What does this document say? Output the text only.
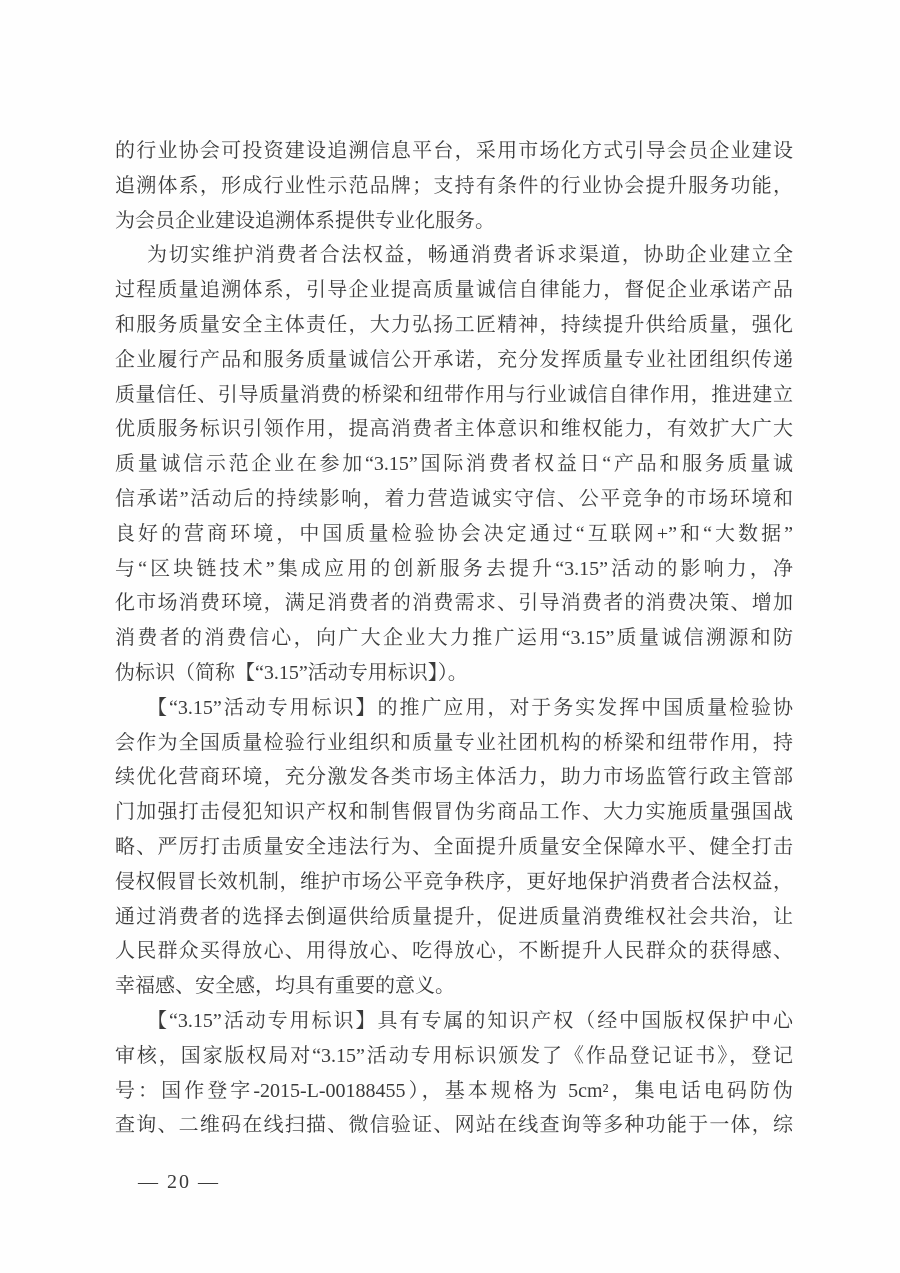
的行业协会可投资建设追溯信息平台，采用市场化方式引导会员企业建设
追溯体系，形成行业性示范品牌；支持有条件的行业协会提升服务功能，
为会员企业建设追溯体系提供专业化服务。
为切实维护消费者合法权益，畅通消费者诉求渠道，协助企业建立全
过程质量追溯体系，引导企业提高质量诚信自律能力，督促企业承诺产品
和服务质量安全主体责任，大力弘扬工匠精神，持续提升供给质量，强化
企业履行产品和服务质量诚信公开承诺，充分发挥质量专业社团组织传递
质量信任、引导质量消费的桥梁和纽带作用与行业诚信自律作用，推进建立
优质服务标识引领作用，提高消费者主体意识和维权能力，有效扩大广大
质量诚信示范企业在参加“3.15”国际消费者权益日“产品和服务质量诚
信承诺”活动后的持续影响，着力营造诚实守信、公平竞争的市场环境和
良好的营商环境，中国质量检验协会决定通过“互联网+”和“大数据”
与“区块链技术”集成应用的创新服务去提升“3.15”活动的影响力，净
化市场消费环境，满足消费者的消费需求、引导消费者的消费决策、增加
消费者的消费信心，向广大企业大力推广运用“3.15”质量诚信溯源和防
伪标识（简称【“3.15”活动专用标识】）。
【“3.15”活动专用标识】的推广应用，对于务实发挥中国质量检验协
会作为全国质量检验行业组织和质量专业社团机构的桥梁和纽带作用，持
续优化营商环境，充分激发各类市场主体活力，助力市场监管行政主管部
门加强打击侵犯知识产权和制售假冒伪劣商品工作、大力实施质量强国战
略、严厉打击质量安全违法行为、全面提升质量安全保障水平、健全打击
侵权假冒长效机制，维护市场公平竞争秩序，更好地保护消费者合法权益，
通过消费者的选择去倒逼供给质量提升，促进质量消费维权社会共治，让
人民群众买得放心、用得放心、吃得放心，不断提升人民群众的获得感、
幸福感、安全感，均具有重要的意义。
【“3.15”活动专用标识】具有专属的知识产权（经中国版权保护中心
审核，国家版权局对“3.15”活动专用标识颁发了《作品登记证书》，登记
号：国作登字-2015-L-00188455），基本规格为 5cm²，集电话电码防伪
查询、二维码在线扫描、微信验证、网站在线查询等多种功能于一体，综
— 20 —
